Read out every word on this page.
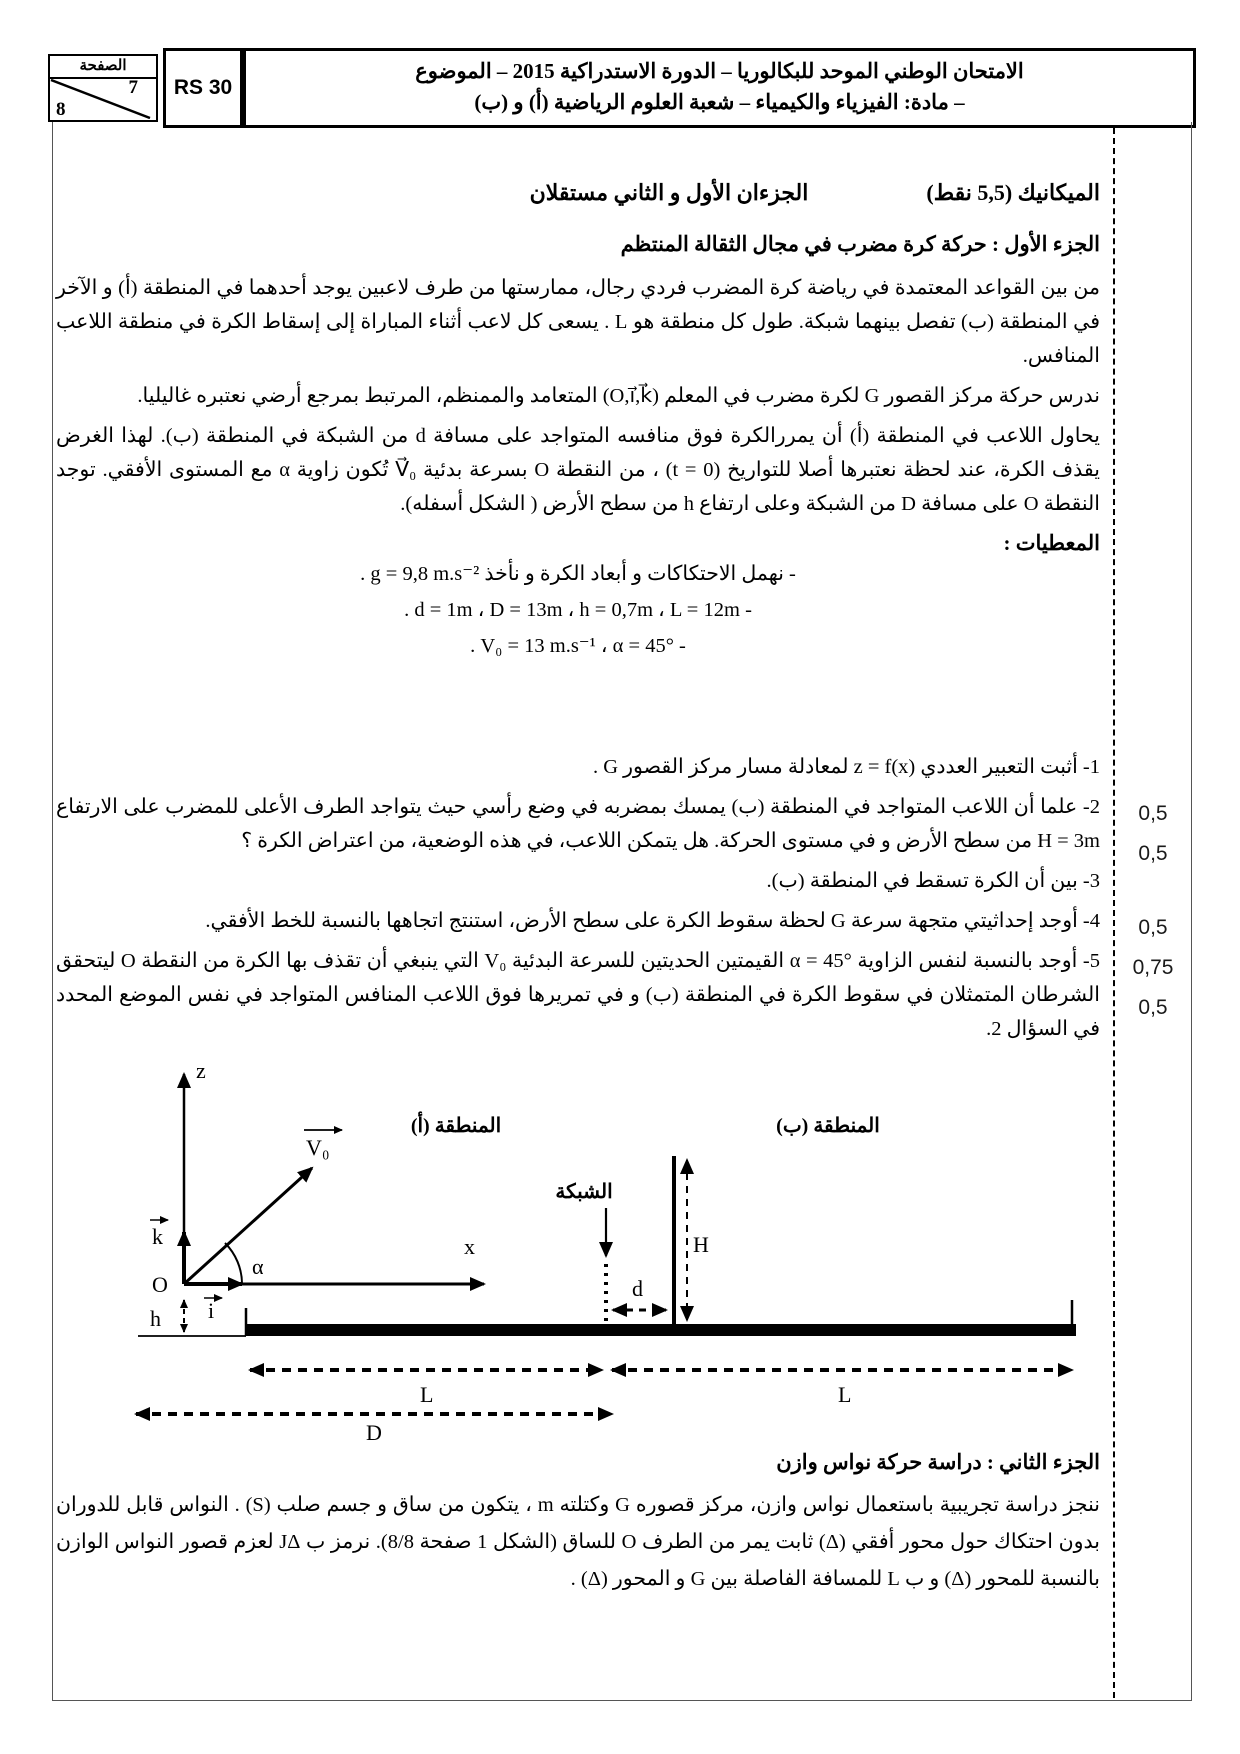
الصفحة
7
8
RS 30
الامتحان الوطني الموحد للبكالوريا – الدورة الاستدراكية 2015 – الموضوع
– مادة: الفيزياء والكيمياء – شعبة العلوم الرياضية (أ) و (ب)
0,5
0,5
0,5
0,75
0,5
الميكانيك (5,5 نقط)
الجزءان الأول و الثاني مستقلان
الجزء الأول : حركة كرة مضرب في مجال الثقالة المنتظم
من بين القواعد المعتمدة في رياضة كرة المضرب فردي رجال، ممارستها من طرف لاعبين يوجد أحدهما في المنطقة (أ) و الآخر في المنطقة (ب) تفصل بينهما شبكة. طول كل منطقة هو L . يسعى كل لاعب أثناء المباراة إلى إسقاط الكرة في منطقة اللاعب المنافس.
ندرس حركة مركز القصور G لكرة مضرب في المعلم (O,i⃗,k⃗) المتعامد والممنظم، المرتبط بمرجع أرضي نعتبره غاليليا.
يحاول اللاعب في المنطقة (أ) أن يمررالكرة فوق منافسه المتواجد على مسافة d من الشبكة في المنطقة (ب). لهذا الغرض يقذف الكرة، عند لحظة نعتبرها أصلا للتواريخ (t = 0) ، من النقطة O بسرعة بدئية V⃗₀ تُكون زاوية α مع المستوى الأفقي. توجد النقطة O على مسافة D من الشبكة وعلى ارتفاع h من سطح الأرض ( الشكل أسفله).
المعطيات :
- نهمل الاحتكاكات و أبعاد الكرة و نأخذ g = 9,8 m.s⁻² .
- d = 1m ، D = 13m ، h = 0,7m ، L = 12m .
- V₀ = 13 m.s⁻¹ ، α = 45° .
1- أثبت التعبير العددي z = f(x) لمعادلة مسار مركز القصور G .
2- علما أن اللاعب المتواجد في المنطقة (ب) يمسك بمضربه في وضع رأسي حيث يتواجد الطرف الأعلى للمضرب على الارتفاع H = 3m من سطح الأرض و في مستوى الحركة. هل يتمكن اللاعب، في هذه الوضعية، من اعتراض الكرة ؟
3- بين أن الكرة تسقط في المنطقة (ب).
4- أوجد إحداثيتي متجهة سرعة G لحظة سقوط الكرة على سطح الأرض، استنتج اتجاهها بالنسبة للخط الأفقي.
5- أوجد بالنسبة لنفس الزاوية α = 45° القيمتين الحديتين للسرعة البدئية V₀ التي ينبغي أن تقذف بها الكرة من النقطة O ليتحقق الشرطان المتمثلان في سقوط الكرة في المنطقة (ب) و في تمريرها فوق اللاعب المنافس المتواجد في نفس الموضع المحدد في السؤال 2.
z
x
V₀
α
k
i
O
h
المنطقة (أ)	المنطقة (ب)
الشبكة
d
H
L	L
D
الجزء الثاني : دراسة حركة نواس وازن
ننجز دراسة تجريبية باستعمال نواس وازن، مركز قصوره G وكتلته m ، يتكون من ساق و جسم صلب (S) . النواس قابل للدوران بدون احتكاك حول محور أفقي (Δ) ثابت يمر من الطرف O للساق (الشكل 1 صفحة 8/8). نرمز ب JΔ لعزم قصور النواس الوازن بالنسبة للمحور (Δ) و ب L للمسافة الفاصلة بين G و المحور (Δ) .
